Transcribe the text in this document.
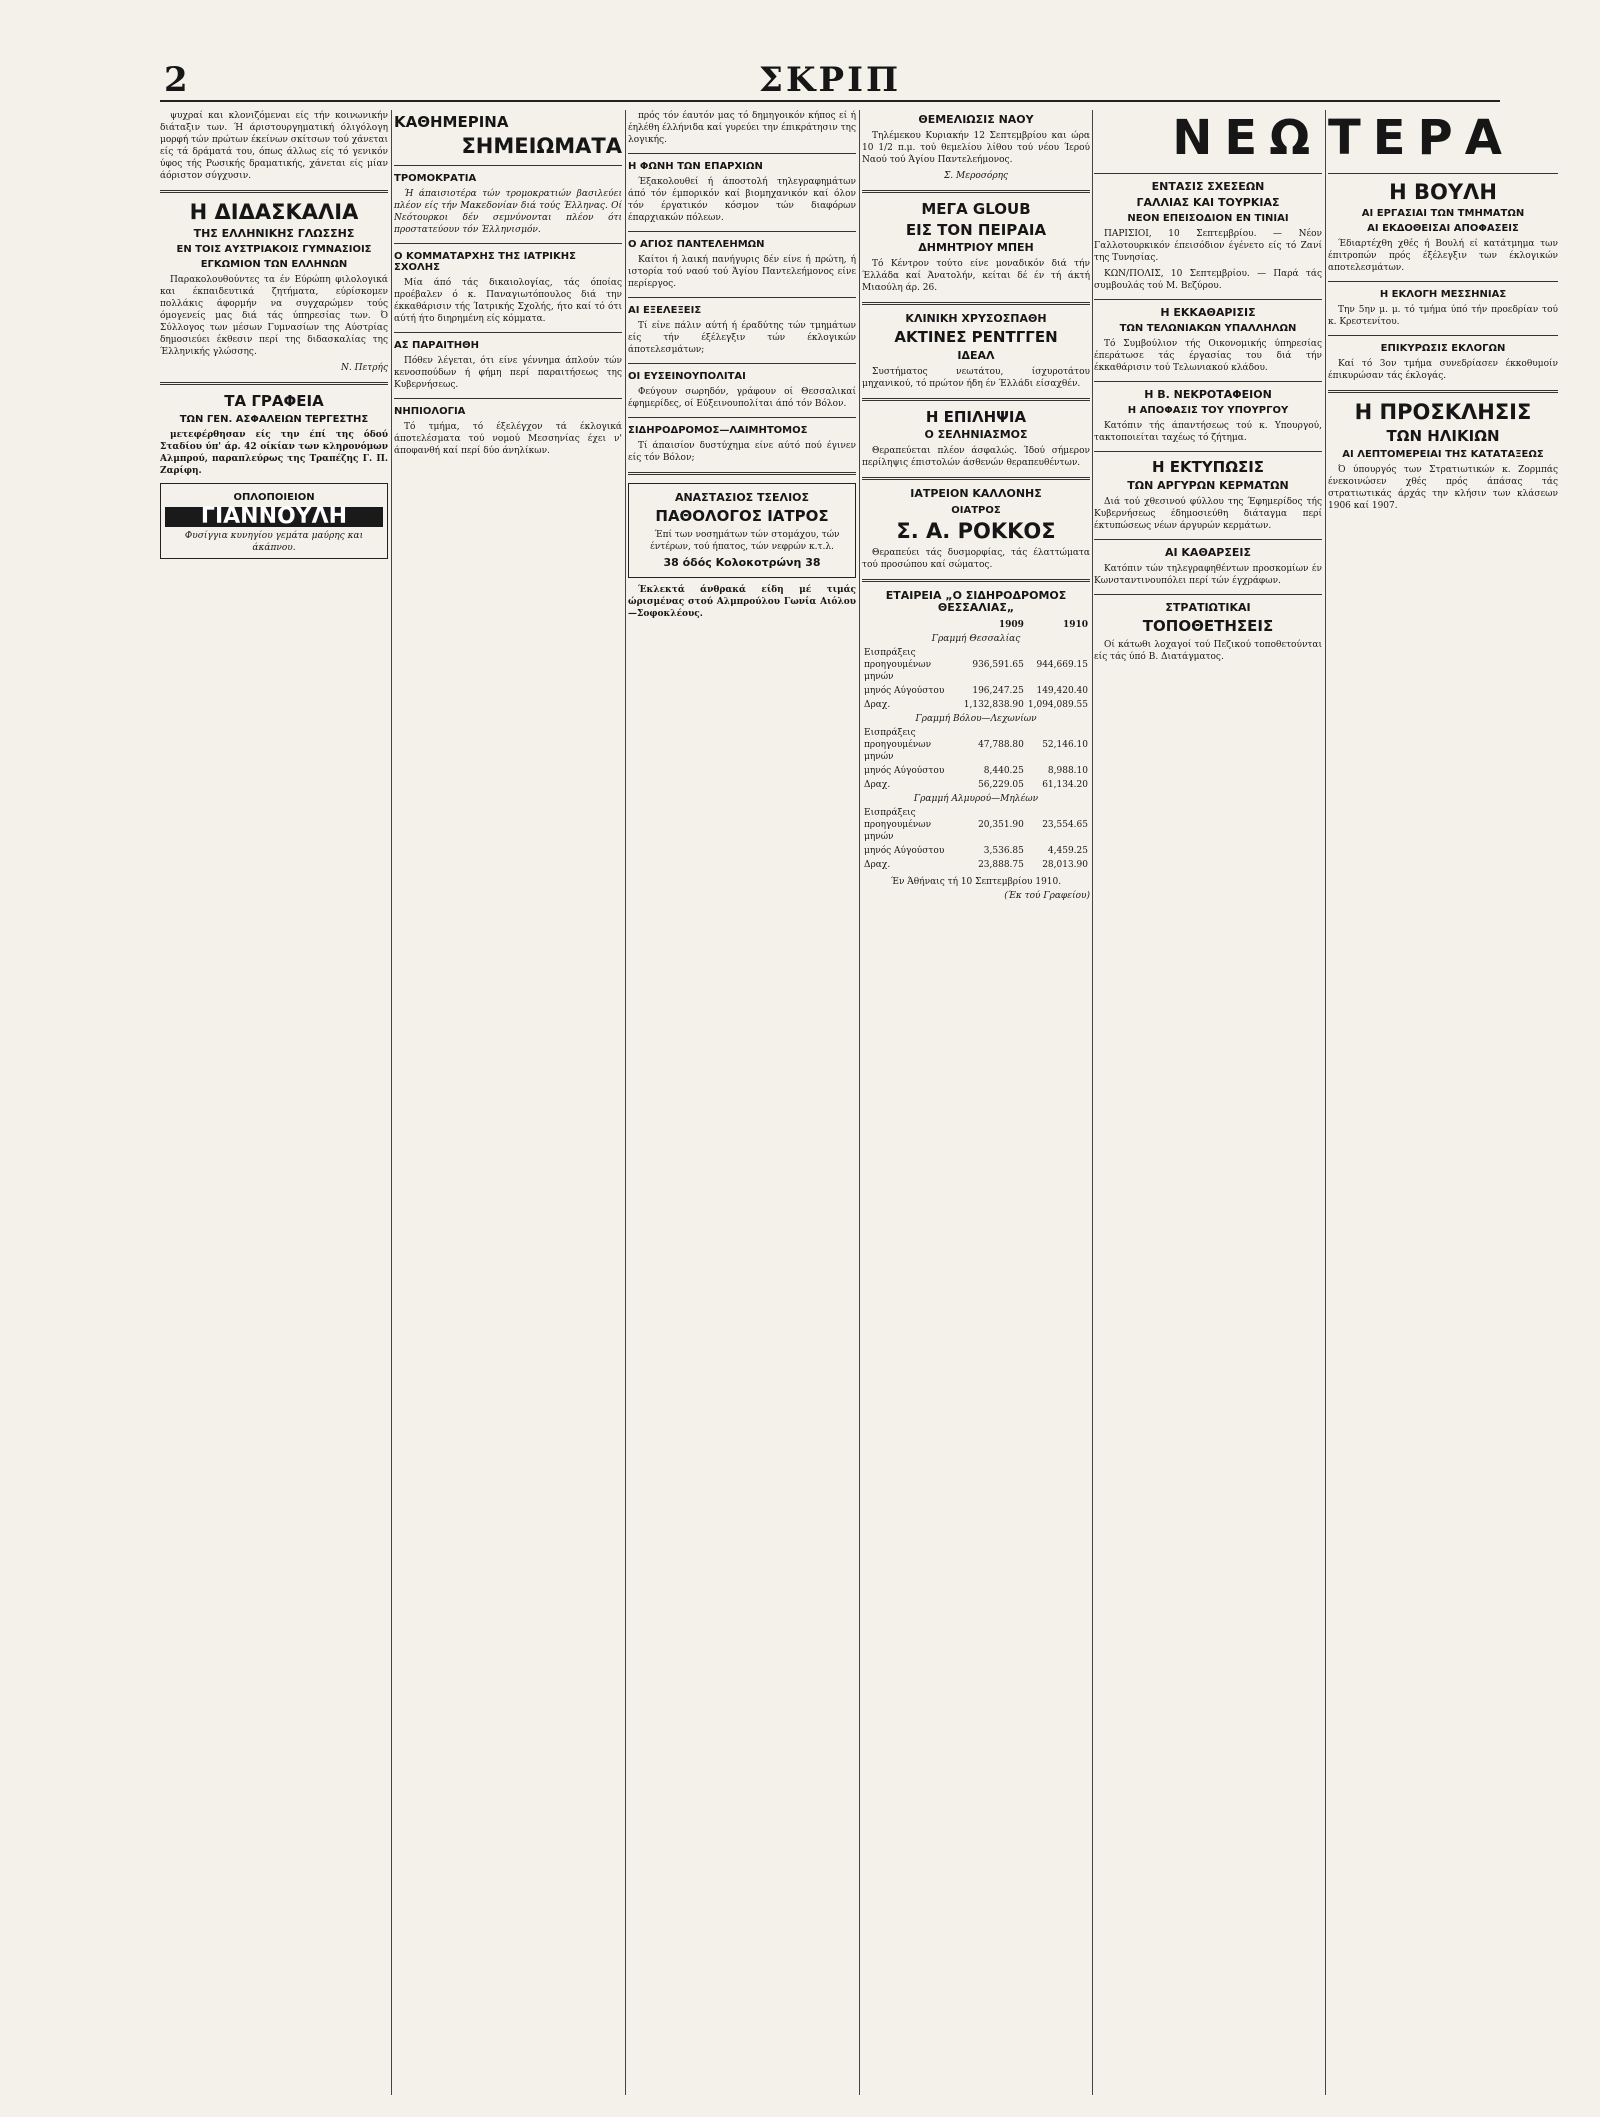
2	ΣΚΡΙΠ

ψυχραί και κλονιζόμεναι είς τήν κοινωνικήν διάταξιν των. Ή άριστουργηματική όλιγόλογη μορφή τών πρώτων έκείνων σκίτσων τού χάνεται είς τά δράματά του, όπως άλλως είς τό γενικόν ύφος τής Ρωσικής δραματικής, χάνεται είς μίαν άόριστον σύγχυσιν.

Η ΔΙΔΑΣΚΑΛΙΑ
ΤΗΣ ΕΛΛΗΝΙΚΗΣ ΓΛΩΣΣΗΣ
ΕΝ ΤΟΙΣ ΑΥΣΤΡΙΑΚΟΙΣ ΓΥΜΝΑΣΙΟΙΣ
ΕΓΚΩΜΙΟΝ ΤΩΝ ΕΛΛΗΝΩΝ

Παρακολουθούντες τα έν Εύρώπη φιλολογικά και έκπαιδευτικά ζητήματα, εύρίσκομεν πολλάκις άφορμήν να συγχαρώμεν τούς όμογενείς μας διά τάς ύπηρεσίας των. Ό Σύλλογος των μέσων Γυμνασίων της Αύστρίας δημοσιεύει έκθεσιν περί της διδασκαλίας της Έλληνικής γλώσσης.

Ν. Πετρής
ΤΑ ΓΡΑΦΕΙΑ
ΤΩΝ ΓΕΝ. ΑΣΦΑΛΕΙΩΝ ΤΕΡΓΕΣΤΗΣ

μετεφέρθησαν είς την έπί της όδού Σταδίου ύπ' άρ. 42 οίκίαν των κληρονόμων Αλμπρού, παραπλεύρως της Τραπέζης Γ. Π. Ζαρίφη.

ΟΠΛΟΠΟΙΕΙΟΝ
ΓΙΑΝΝΟΥΛΗ
Φυσίγγια κυνηγίου γεμάτα μαύρης και άκάπνου.
ΚΑΘΗΜΕΡΙΝΑ
ΣΗΜΕΙΩΜΑΤΑ
ΤΡΟΜΟΚΡΑΤΙΑ

Ή άπαισιοτέρα τών τρομοκρατιών βασιλεύει πλέον είς τήν Μακεδονίαν διά τούς Έλληνας. Οί Νεότουρκοι δέν σεμνύνονται πλέον ότι προστατεύουν τόν Έλληνισμόν.

Ο ΚΟΜΜΑΤΑΡΧΗΣ ΤΗΣ ΙΑΤΡΙΚΗΣ ΣΧΟΛΗΣ

Μία άπό τάς δικαιολογίας, τάς όποίας προέβαλεν ό κ. Παναγιωτόπουλος διά την έκκαθάρισιν τής Ίατρικής Σχολής, ήτο καί τό ότι αύτή ήτο διηρημένη είς κόμματα.

ΑΣ ΠΑΡΑΙΤΗΘΗ

Πόθεν λέγεται, ότι είνε γέννημα άπλούν τών κενοσπούδων ή φήμη περί παραιτήσεως της Κυβερνήσεως.

ΝΗΠΙΟΛΟΓΙΑ

Τό τμήμα, τό έξελέγχον τά έκλογικά άποτελέσματα τού νομού Μεσσηνίας έχει ν' άποφανθή καί περί δύο άνηλίκων.

πρός τόν έαυτόν μας τό δημηγοικόν κήπος εί ή έηλέθη έλλήνιδα καί γυρεύει την έπικράτησιν της λογικής.

Η ΦΩΝΗ ΤΩΝ ΕΠΑΡΧΙΩΝ

Έξακολουθεί ή άποστολή τηλεγραφημάτων άπό τόν έμπορικόν καί βιομηχανικόν καί όλον τόν έργατικόν κόσμον τών διαφόρων έπαρχιακών πόλεων.

Ο ΑΓΙΟΣ ΠΑΝΤΕΛΕΗΜΩΝ

Καίτοι ή λαική πανήγυρις δέν είνε ή πρώτη, ή ιστορία τού ναού τού Άγίου Παντελεήμονος είνε περίεργος.

ΑΙ ΕΞΕΛΕΞΕΙΣ

Τί είνε πάλιν αύτή ή έραδύτης τών τμημάτων είς τήν έξέλεγξιν τών έκλογικών άποτελεσμάτων;

ΟΙ ΕΥΣΕΙΝΟΥΠΟΛΙΤΑΙ

Φεύγουν σωρηδόν, γράφουν οί Θεσσαλικαί έφημερίδες, οί Εύξεινουπολίται άπό τόν Βόλον.

ΣΙΔΗΡΟΔΡΟΜΟΣ—ΛΑΙΜΗΤΟΜΟΣ

Τί άπαισίον δυστύχημα είνε αύτό πού έγινεν είς τόν Βόλον;

ΑΝΑΣΤΑΣΙΟΣ ΤΣΕΛΙΟΣ
ΠΑΘΟΛΟΓΟΣ ΙΑΤΡΟΣ

Έπί των νοσημάτων τών στομάχου, τών έντέρων, τού ήπατος, τών νεφρών κ.τ.λ.

38 όδός Κολοκοτρώνη 38

Έκλεκτά άνθρακά είδη μέ τιμάς ώρισμένας στού Αλμπρούλου Γωνία Αιόλου—Σοφοκλέους.

ΘΕΜΕΛΙΩΣΙΣ ΝΑΟΥ

Τηλέμεκου Κυριακήν 12 Σεπτεμβρίου και ώρα 10 1/2 π.μ. τού θεμελίου λίθου τού νέου Ίερού Ναού τού Άγίου Παντελεήμονος.

Σ. Μεροσόρης
ΜΕΓΑ GLOUB
ΕΙΣ ΤΟΝ ΠΕΙΡΑΙΑ
ΔΗΜΗΤΡΙΟΥ ΜΠΕΗ

Τό Κέντρον τούτο είνε μοναδικόν διά τήν Έλλάδα καί Άνατολήν, κείται δέ έν τή άκτή Μιαούλη άρ. 26.

ΚΛΙΝΙΚΗ ΧΡΥΣΟΣΠΑΘΗ
ΑΚΤΙΝΕΣ ΡΕΝΤΓΓΕΝ
ΙΔΕΑΛ

Συστήματος νεωτάτου, ίσχυροτάτου μηχανικού, τό πρώτον ήδη έν Έλλάδι είσαχθέν.

Η ΕΠΙΛΗΨΙΑ
Ο ΣΕΛΗΝΙΑΣΜΟΣ

Θεραπεύεται πλέον άσφαλώς. Ίδού σήμερον περίληψις έπιστολών άσθενών θεραπευθέντων.

ΙΑΤΡΕΙΟΝ ΚΑΛΛΟΝΗΣ
ΟΙΑΤΡΟΣ
Σ. Α. ΡΟΚΚΟΣ

Θεραπεύει τάς δυσμορφίας, τάς έλαττώματα τού προσώπου καί σώματος.

ΕΤΑΙΡΕΙΑ „Ο ΣΙΔΗΡΟΔΡΟΜΟΣ ΘΕΣΣΑΛΙΑΣ„
	1909	1910
Γραμμή Θεσσαλίας		
Εισπράξεις προηγουμένων μηνών	936,591.65	944,669.15
μηνός Αύγούστου	196,247.25	149,420.40
Δραχ.	1,132,838.90	1,094,089.55
Γραμμή Βόλου—Λεχωνίων		
Εισπράξεις προηγουμένων μηνών	47,788.80	52,146.10
μηνός Αύγούστου	8,440.25	8,988.10
Δραχ.	56,229.05	61,134.20
Γραμμή Αλμυρού—Μηλέων		
Εισπράξεις προηγουμένων μηνών	20,351.90	23,554.65
μηνός Αύγούστου	3,536.85	4,459.25
Δραχ.	23,888.75	28,013.90
Έν Άθήναις τή 10 Σεπτεμβρίου 1910.
(Έκ τού Γραφείου)
ΝΕΩ
ΕΝΤΑΣΙΣ ΣΧΕΣΕΩΝ
ΓΑΛΛΙΑΣ ΚΑΙ ΤΟΥΡΚΙΑΣ
ΝΕΟΝ ΕΠΕΙΣΟΔΙΟΝ ΕΝ ΤΙΝΙΑΙ

ΠΑΡΙΣΙΟΙ, 10 Σεπτεμβρίου. — Νέον Γαλλοτουρκικόν έπεισόδιον έγένετο είς τό Ζανί της Τυνησίας.

ΚΩΝ/ΠΟΛΙΣ, 10 Σεπτεμβρίου. — Παρά τάς συμβουλάς τού Μ. Βεζύρου.

Η ΕΚΚΑΘΑΡΙΣΙΣ
ΤΩΝ ΤΕΛΩΝΙΑΚΩΝ ΥΠΑΛΛΗΛΩΝ

Τό Συμβούλιον τής Οικονομικής ύπηρεσίας έπεράτωσε τάς έργασίας του διά τήν έκκαθάρισιν τού Τελωνιακού κλάδου.

Η Β. ΝΕΚΡΟΤΑΦΕΙΟΝ
Η ΑΠΟΦΑΣΙΣ ΤΟΥ ΥΠΟΥΡΓΟΥ

Κατόπιν τής άπαντήσεως τού κ. Υπουργού, τακτοποιείται ταχέως τό ζήτημα.

Η ΕΚΤΥΠΩΣΙΣ
ΤΩΝ ΑΡΓΥΡΩΝ ΚΕΡΜΑΤΩΝ

Διά τού χθεσινού φύλλου της Έφημερίδος τής Κυβερνήσεως έδημοσιεύθη διάταγμα περί έκτυπώσεως νέων άργυρών κερμάτων.

ΑΙ ΚΑΘΑΡΣΕΙΣ

Κατόπιν τών τηλεγραφηθέντων προσκομίων έν Κωνσταντινουπόλει περί τών έγχράφων.

ΣΤΡΑΤΙΩΤΙΚΑΙ
ΤΟΠΟΘΕΤΗΣΕΙΣ

Οί κάτωθι λοχαγοί τού Πεζικού τοποθετούνται είς τάς ύπό Β. Διατάγματος.

ΤΕΡΑ
Η ΒΟΥΛΗ
ΑΙ ΕΡΓΑΣΙΑΙ ΤΩΝ ΤΜΗΜΑΤΩΝ
ΑΙ ΕΚΔΟΘΕΙΣΑΙ ΑΠΟΦΑΣΕΙΣ

Έδιαρτέχθη χθές ή Βουλή εί κατάτμημα των έπιτροπών πρός έξέλεγξιν των έκλογικών αποτελεσμάτων.

Η ΕΚΛΟΓΗ ΜΕΣΣΗΝΙΑΣ

Την 5ην μ. μ. τό τμήμα ύπό τήν προεδρίαν τού κ. Κρεστενίτου.

ΕΠΙΚΥΡΩΣΙΣ ΕΚΛΟΓΩΝ

Καί τό 3ον τμήμα συνεδρίασεν έκκοθυμοίν έπικυρώσαν τάς έκλογάς.

Η ΠΡΟΣΚΛΗΣΙΣ
ΤΩΝ ΗΛΙΚΙΩΝ
ΑΙ ΛΕΠΤΟΜΕΡΕΙΑΙ ΤΗΣ ΚΑΤΑΤΑΞΕΩΣ

Ό ύπουργός των Στρατιωτικών κ. Ζορμπάς ένεκοινώσεν χθές πρός άπάσας τάς στρατιωτικάς άρχάς την κλήσιν των κλάσεων 1906 καί 1907.
